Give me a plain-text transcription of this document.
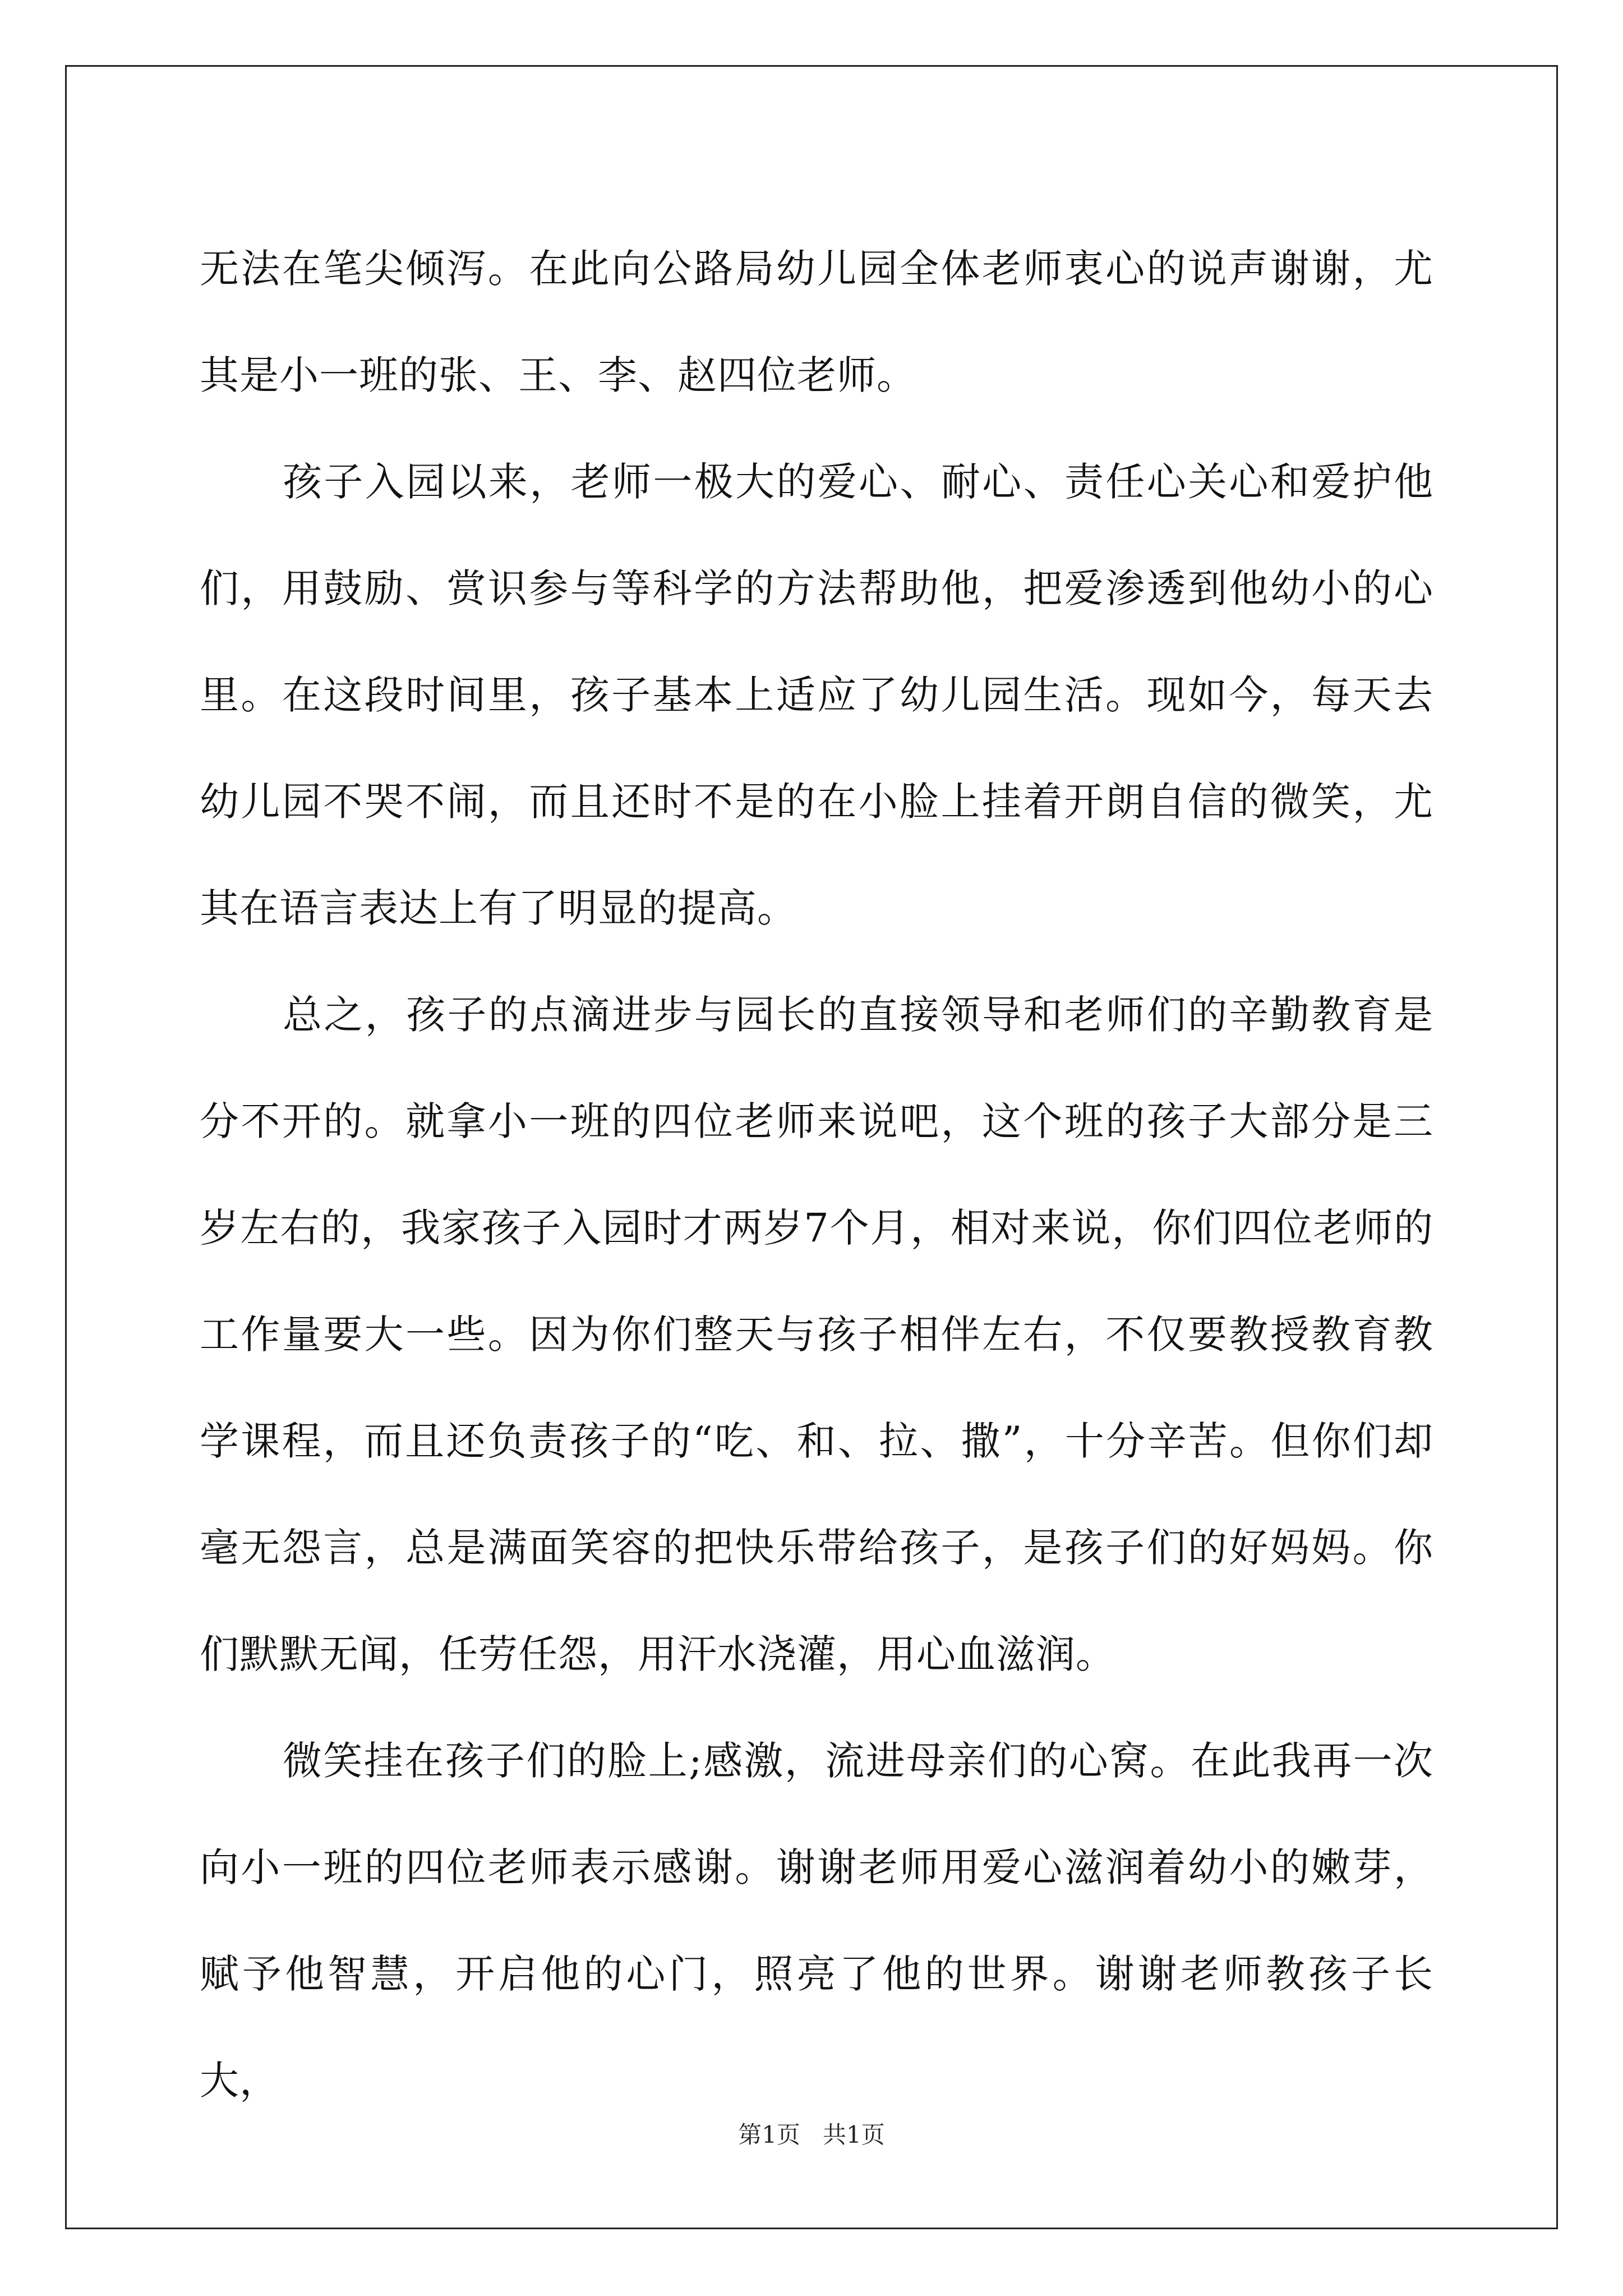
无法在笔尖倾泻。在此向公路局幼儿园全体老师衷心的说声谢谢，尤其是小一班的张、王、李、赵四位老师。

孩子入园以来，老师一极大的爱心、耐心、责任心关心和爱护他们，用鼓励、赏识参与等科学的方法帮助他，把爱渗透到他幼小的心里。在这段时间里，孩子基本上适应了幼儿园生活。现如今，每天去幼儿园不哭不闹，而且还时不是的在小脸上挂着开朗自信的微笑，尤其在语言表达上有了明显的提高。

总之，孩子的点滴进步与园长的直接领导和老师们的辛勤教育是分不开的。就拿小一班的四位老师来说吧，这个班的孩子大部分是三岁左右的，我家孩子入园时才两岁7个月，相对来说，你们四位老师的工作量要大一些。因为你们整天与孩子相伴左右，不仅要教授教育教学课程，而且还负责孩子的“吃、和、拉、撒”，十分辛苦。但你们却毫无怨言，总是满面笑容的把快乐带给孩子，是孩子们的好妈妈。你们默默无闻，任劳任怨，用汗水浇灌，用心血滋润。

微笑挂在孩子们的脸上;感激，流进母亲们的心窝。在此我再一次向小一班的四位老师表示感谢。谢谢老师用爱心滋润着幼小的嫩芽，赋予他智慧，开启他的心门，照亮了他的世界。谢谢老师教孩子长大，

第1页   共1页
